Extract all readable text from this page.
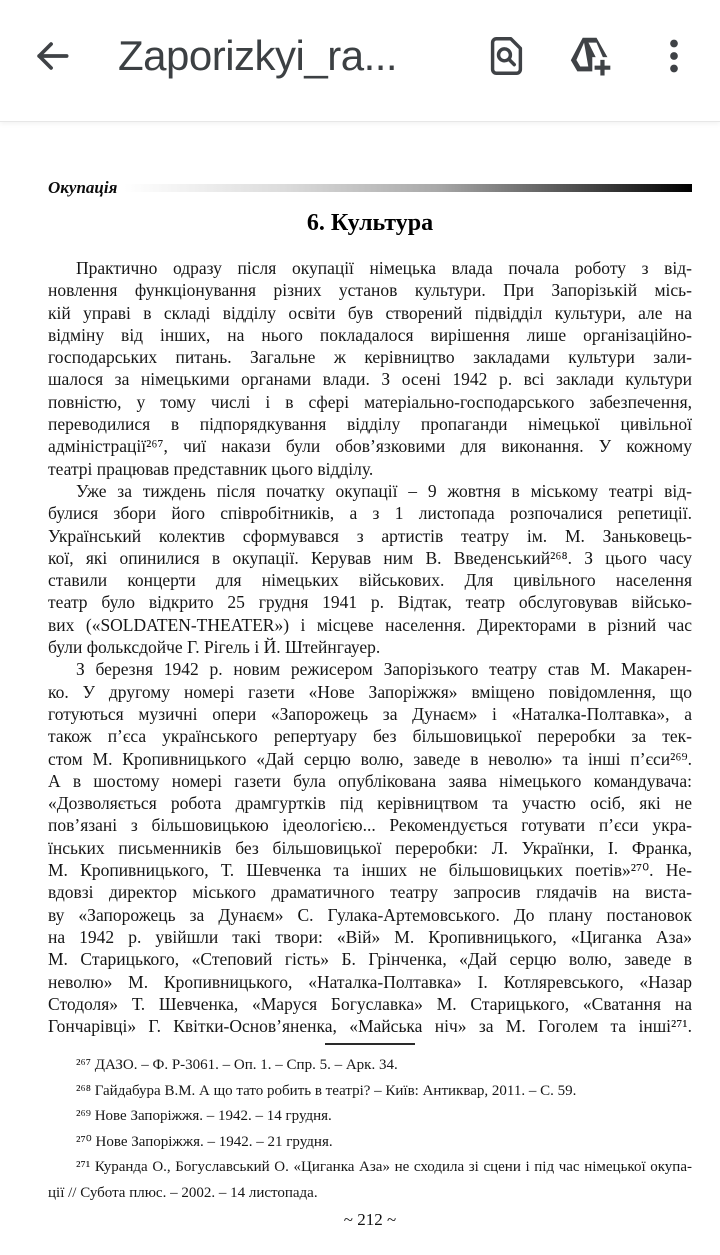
Zaporizkyi_ra...
Окупація
6. Культура
Практично одразу після окупації німецька влада почала роботу з від-
новлення функціонування різних установ культури. При Запорізькій місь-
кій управі в складі відділу освіти був створений підвідділ культури, але на
відміну від інших, на нього покладалося вирішення лише організаційно-
господарських питань. Загальне ж керівництво закладами культури зали-
шалося за німецькими органами влади. З осені 1942 р. всі заклади культури
повністю, у тому числі і в сфері матеріально-господарського забезпечення,
переводилися в підпорядкування відділу пропаганди німецької цивільної
адміністрації²⁶⁷, чиї накази були обов’язковими для виконання. У кожному
театрі працював представник цього відділу.
Уже за тиждень після початку окупації – 9 жовтня в міському театрі від-
булися збори його співробітників, а з 1 листопада розпочалися репетиції.
Український колектив сформувався з артистів театру ім. М. Заньковець-
кої, які опинилися в окупації. Керував ним В. Введенський²⁶⁸. З цього часу
ставили концерти для німецьких військових. Для цивільного населення
театр було відкрито 25 грудня 1941 р. Відтак, театр обслуговував військо-
вих («SOLDATEN-THEATER») і місцеве населення. Директорами в різний час
були фольксдойче Г. Рігель і Й. Штейнгауер.
З березня 1942 р. новим режисером Запорізького театру став М. Макарен-
ко. У другому номері газети «Нове Запоріжжя» вміщено повідомлення, що
готуються музичні опери «Запорожець за Дунаєм» і «Наталка-Полтавка», а
також п’єса українського репертуару без більшовицької переробки за тек-
стом М. Кропивницького «Дай серцю волю, заведе в неволю» та інші п’єси²⁶⁹.
А в шостому номері газети була опублікована заява німецького командувача:
«Дозволяється робота драмгуртків під керівництвом та участю осіб, які не
пов’язані з більшовицькою ідеологією... Рекомендується готувати п’єси укра-
їнських письменників без більшовицької переробки: Л. Українки, І. Франка,
М. Кропивницького, Т. Шевченка та інших не більшовицьких поетів»²⁷⁰. Не-
вдовзі директор міського драматичного театру запросив глядачів на виста-
ву «Запорожець за Дунаєм» С. Гулака-Артемовського. До плану постановок
на 1942 р. увійшли такі твори: «Вій» М. Кропивницького, «Циганка Аза»
М. Старицького, «Степовий гість» Б. Грінченка, «Дай серцю волю, заведе в
неволю» М. Кропивницького, «Наталка-Полтавка» І. Котляревського, «Назар
Стодоля» Т. Шевченка, «Маруся Богуславка» М. Старицького, «Сватання на
Гончарівці» Г. Квітки-Основ’яненка, «Майська ніч» за М. Гоголем та інші²⁷¹.
²⁶⁷ ДАЗО. – Ф. Р-3061. – Оп. 1. – Спр. 5. – Арк. 34.
²⁶⁸ Гайдабура В.М. А що тато робить в театрі? – Київ: Антиквар, 2011. – С. 59.
²⁶⁹ Нове Запоріжжя. – 1942. – 14 грудня.
²⁷⁰ Нове Запоріжжя. – 1942. – 21 грудня.
²⁷¹ Куранда О., Богуславський О. «Циганка Аза» не сходила зі сцени і під час німецької окупа-
ції // Субота плюс. – 2002. – 14 листопада.
~ 212 ~
